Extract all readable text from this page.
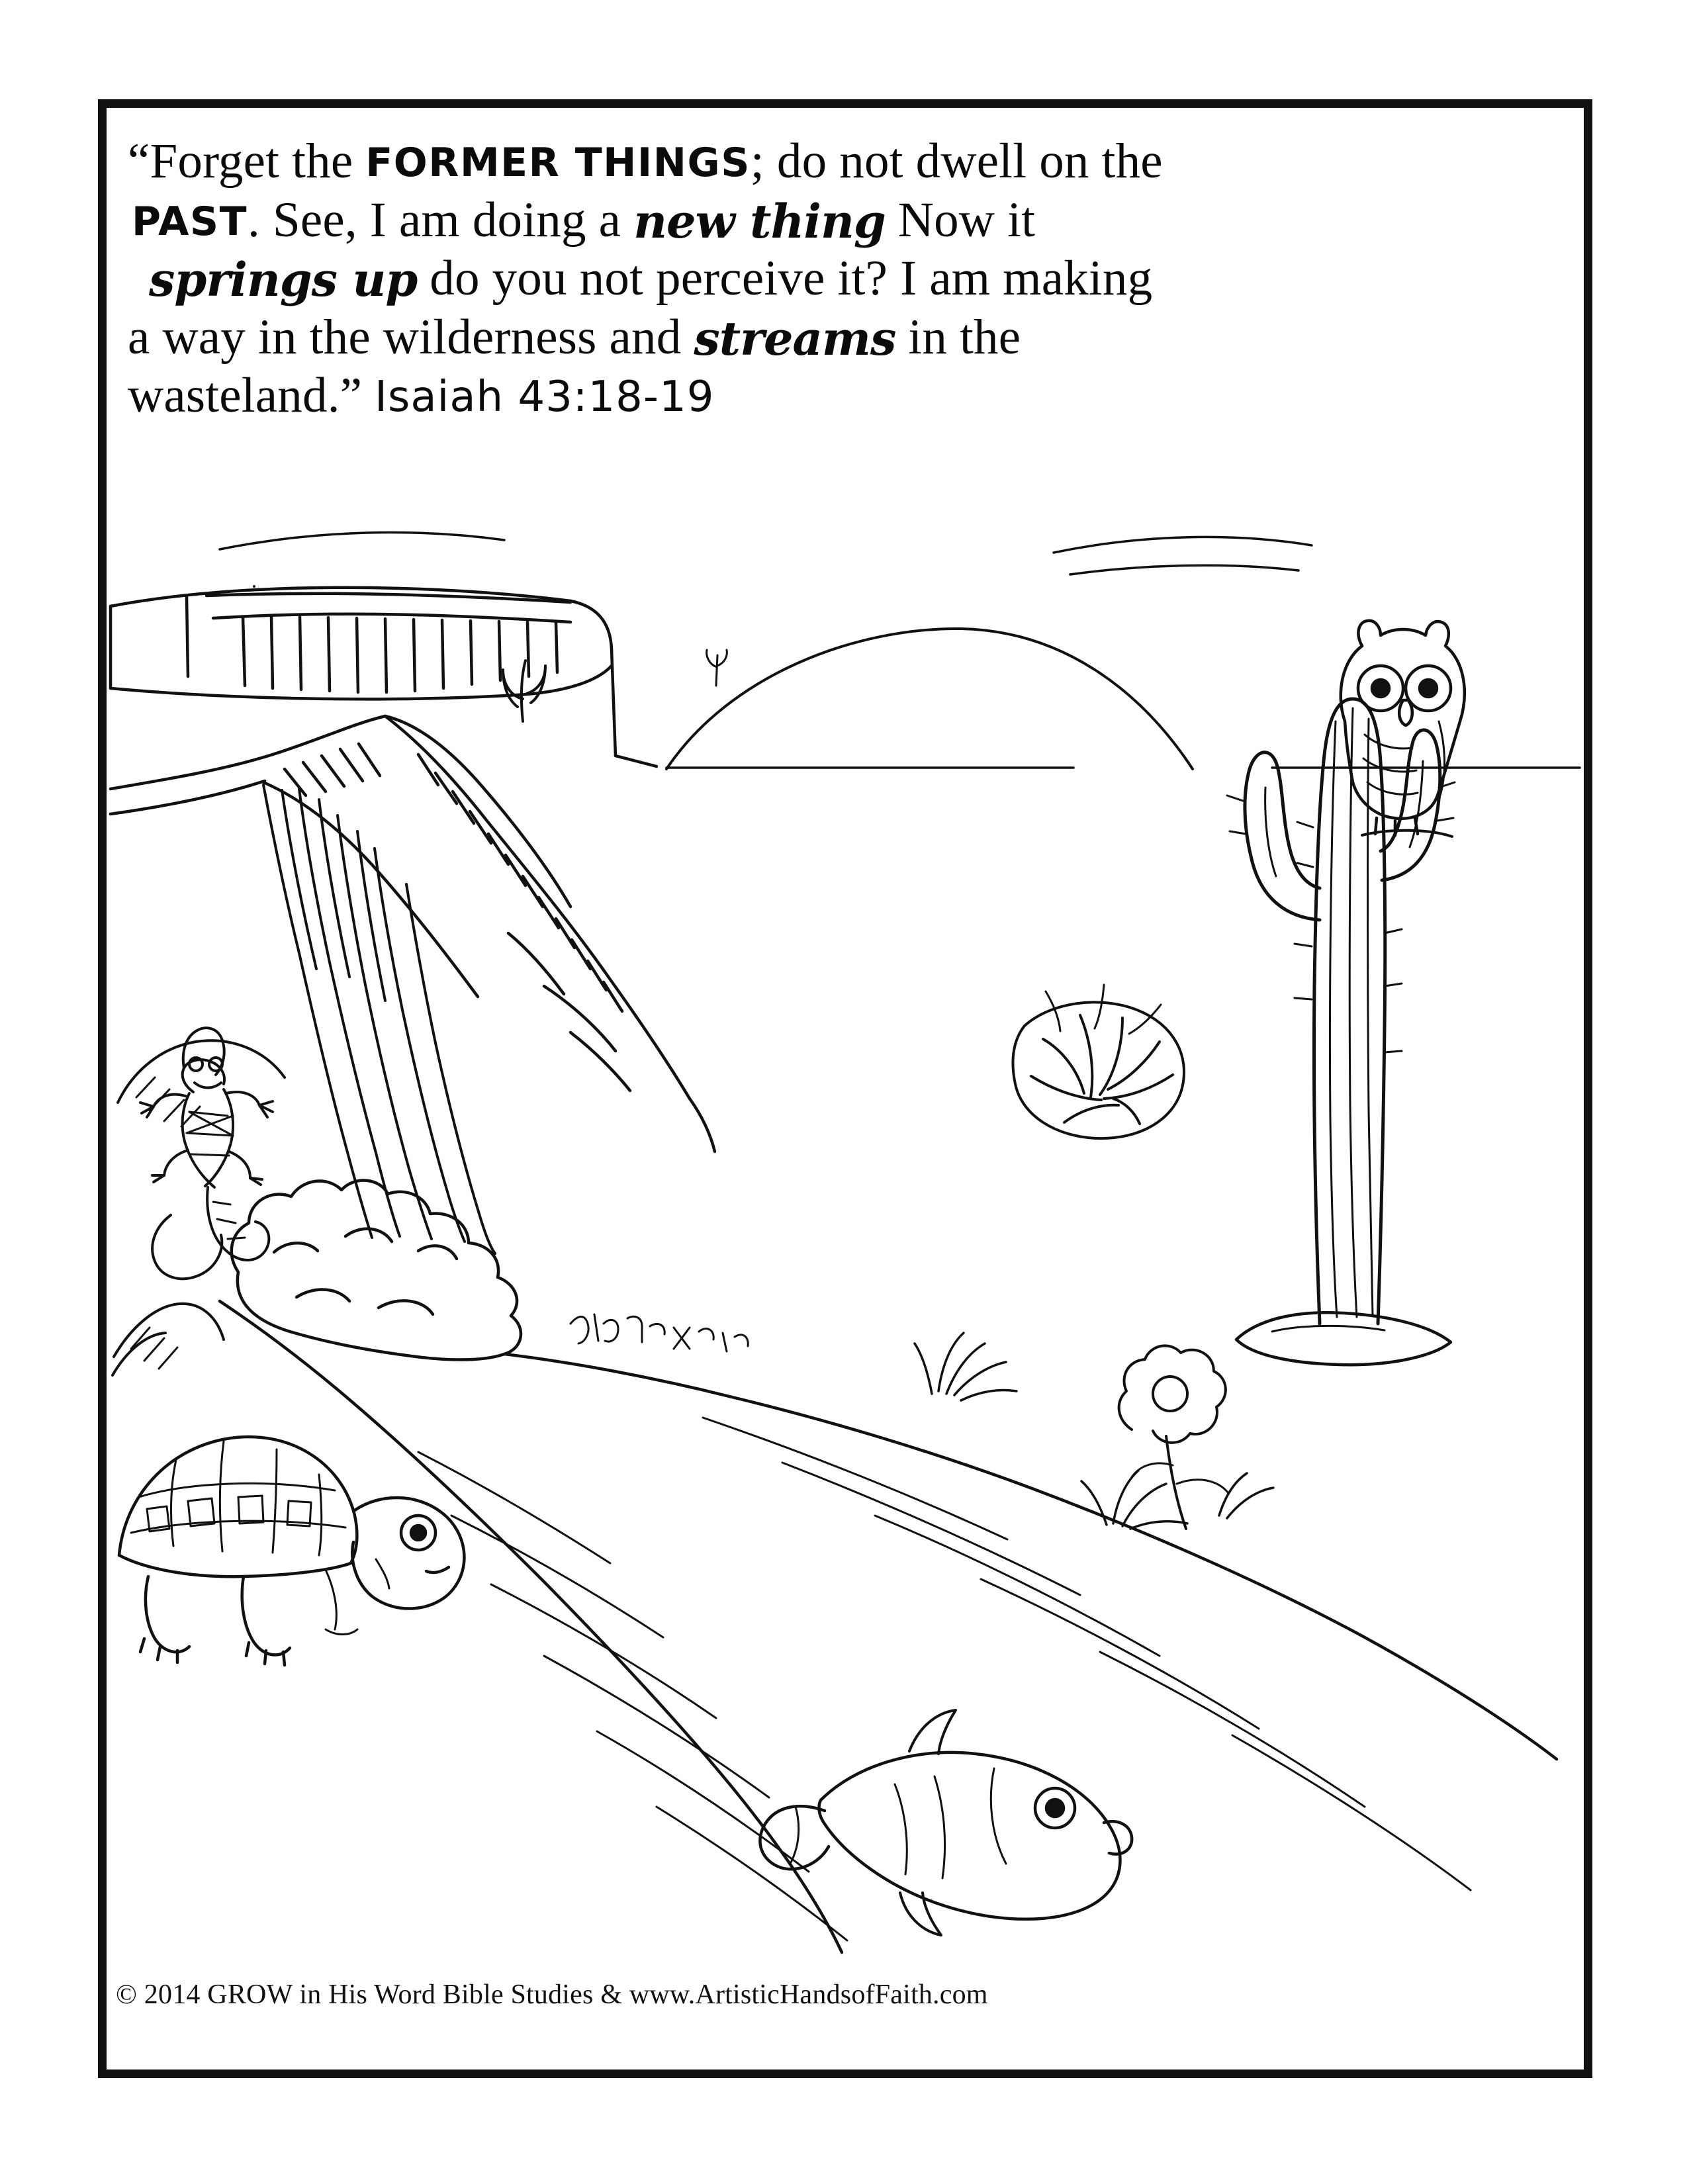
“Forget the FORMER THINGS; do not dwell on the
PAST. See, I am doing a new thing Now it
springs up do you not perceive it? I am making
a way in the wilderness and streams in the
wasteland.” Isaiah 43:18-19
© 2014 GROW in His Word Bible Studies & www.ArtisticHandsofFaith.com
